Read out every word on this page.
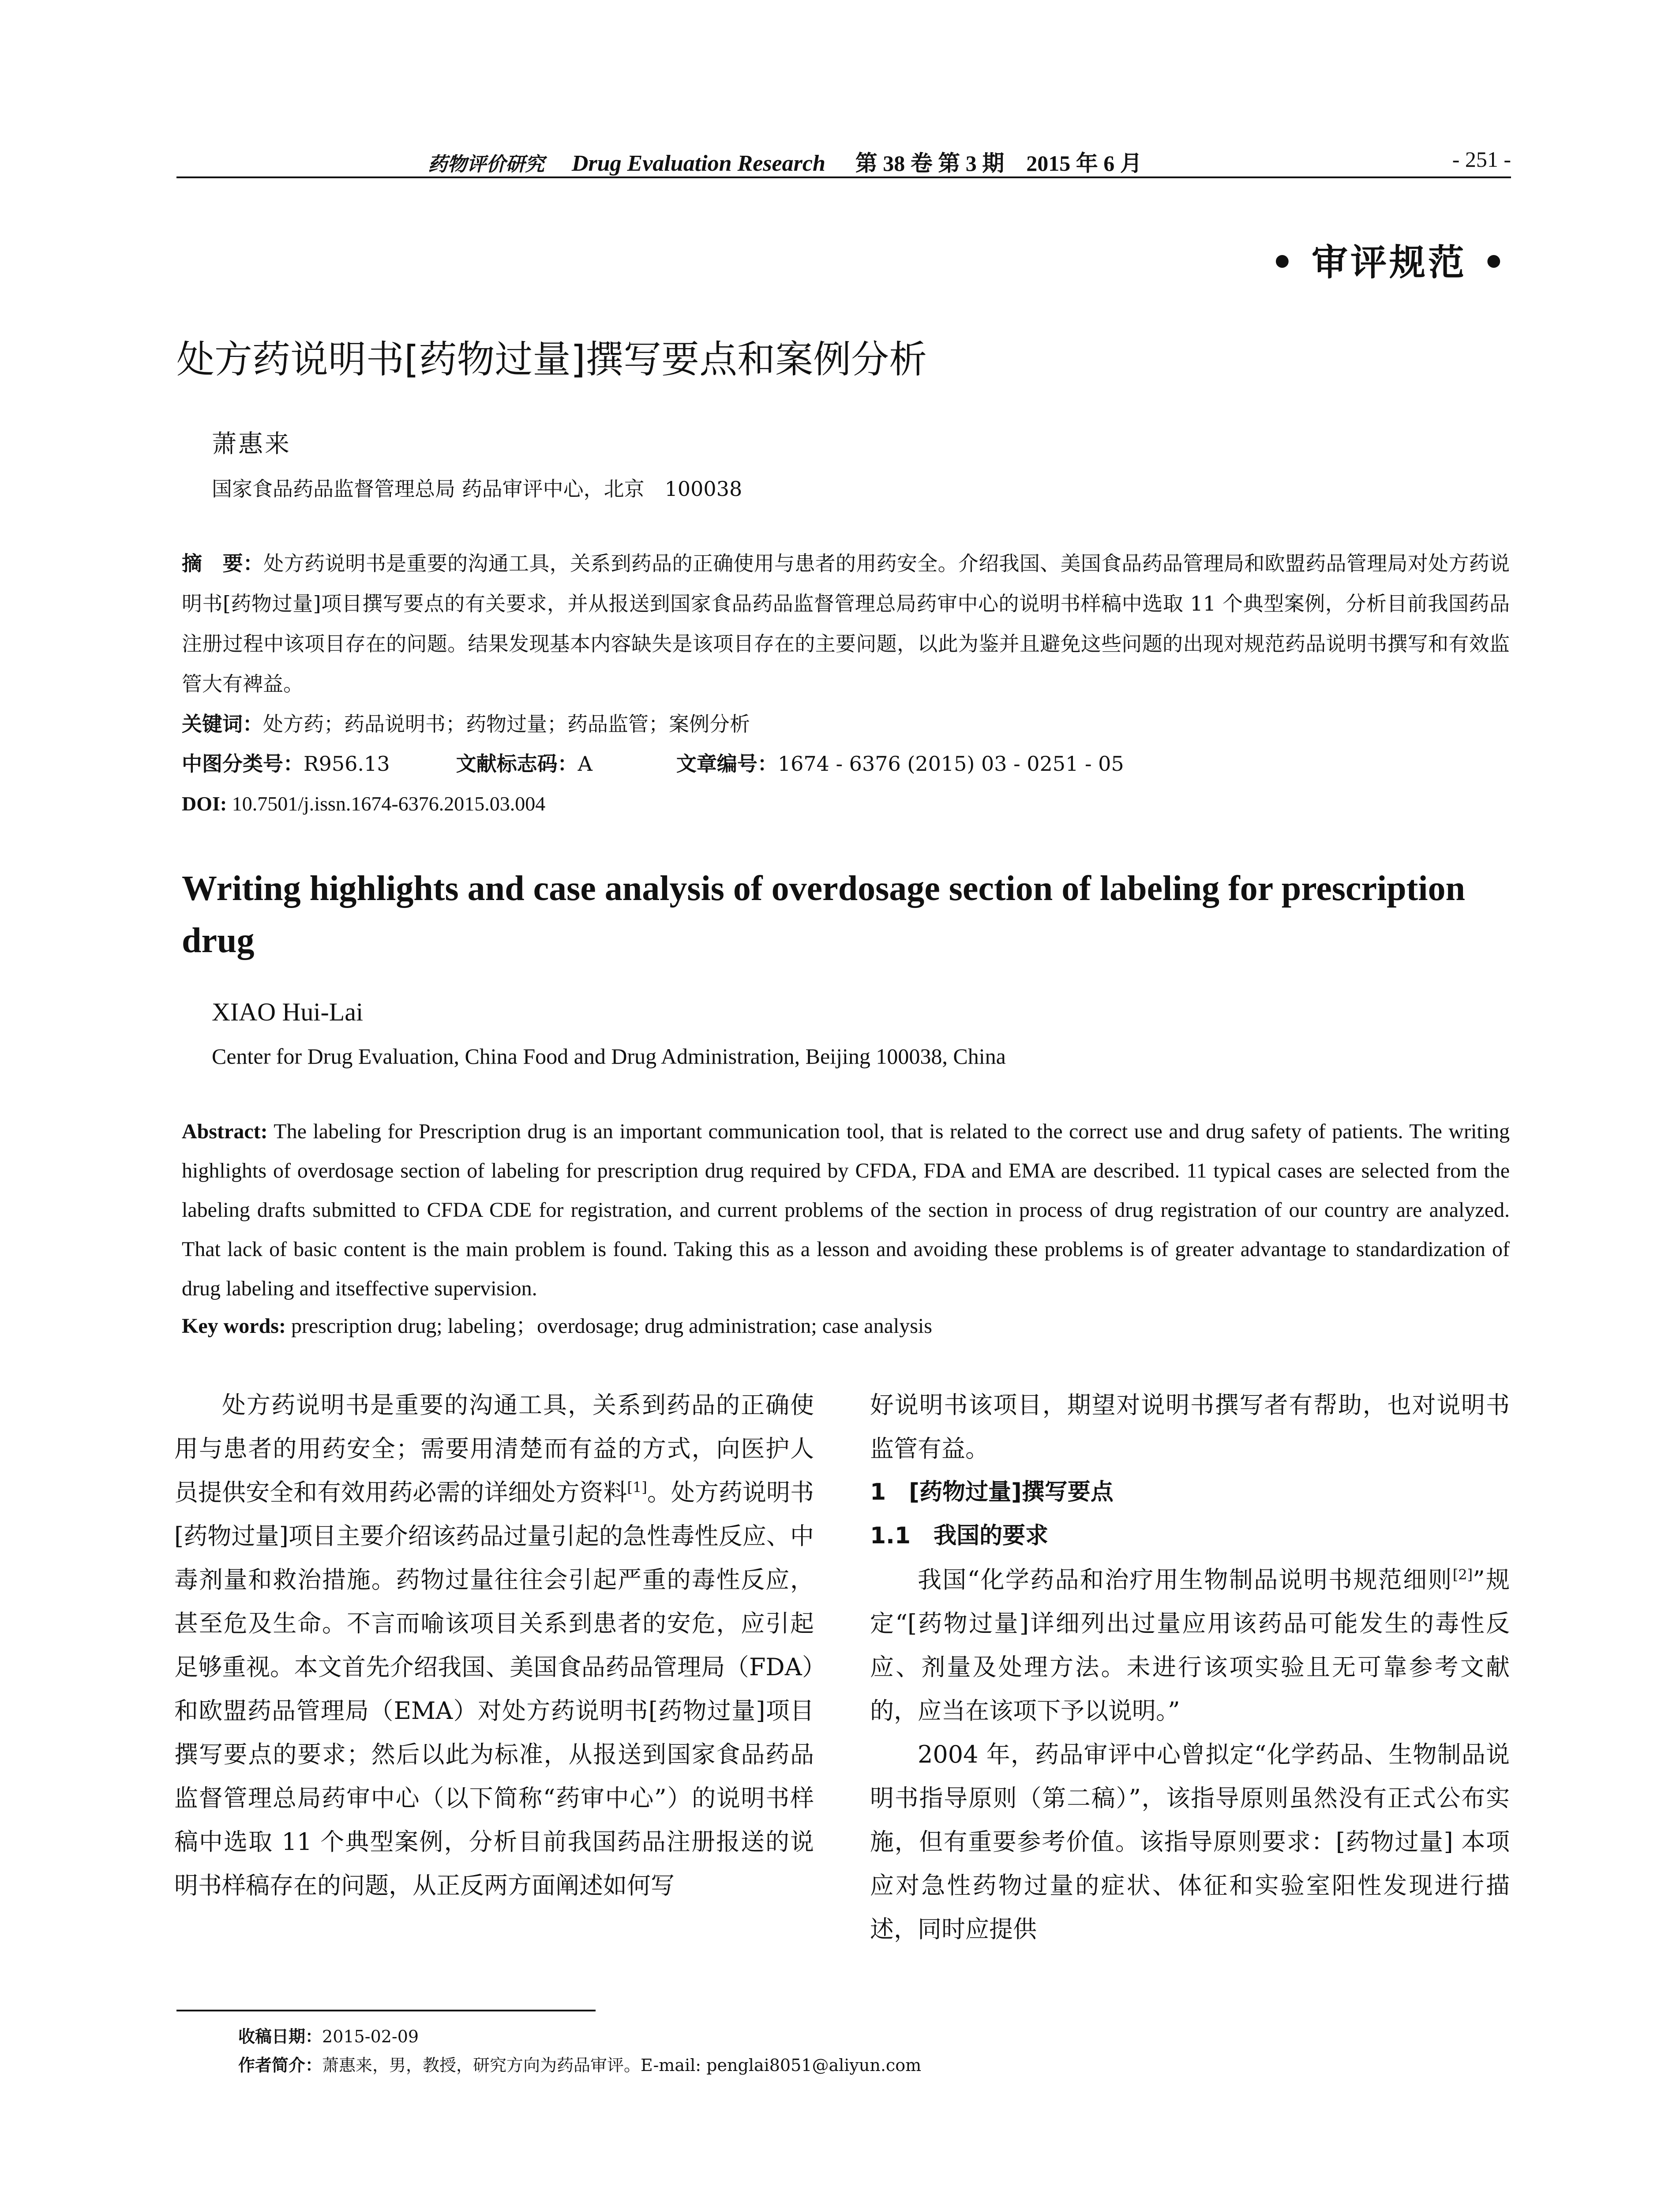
药物评价研究 Drug Evaluation Research 第 38 卷 第 3 期　2015 年 6 月	- 251 -
• 审评规范 •
处方药说明书[药物过量]撰写要点和案例分析
萧惠来
国家食品药品监督管理总局 药品审评中心，北京　100038
摘　要：处方药说明书是重要的沟通工具，关系到药品的正确使用与患者的用药安全。介绍我国、美国食品药品管理局和欧盟药品管理局对处方药说明书[药物过量]项目撰写要点的有关要求，并从报送到国家食品药品监督管理总局药审中心的说明书样稿中选取 11 个典型案例，分析目前我国药品注册过程中该项目存在的问题。结果发现基本内容缺失是该项目存在的主要问题，以此为鉴并且避免这些问题的出现对规范药品说明书撰写和有效监管大有裨益。
关键词：处方药；药品说明书；药物过量；药品监管；案例分析
中图分类号：R956.13	文献标志码：A	文章编号：1674 - 6376 (2015) 03 - 0251 - 05
DOI: 10.7501/j.issn.1674-6376.2015.03.004
Writing highlights and case analysis of overdosage section of labeling for prescription drug
XIAO Hui-Lai
Center for Drug Evaluation, China Food and Drug Administration, Beijing 100038, China
Abstract: The labeling for Prescription drug is an important communication tool, that is related to the correct use and drug safety of patients. The writing highlights of overdosage section of labeling for prescription drug required by CFDA, FDA and EMA are described. 11 typical cases are selected from the labeling drafts submitted to CFDA CDE for registration, and current problems of the section in process of drug registration of our country are analyzed. That lack of basic content is the main problem is found. Taking this as a lesson and avoiding these problems is of greater advantage to standardization of drug labeling and itseffective supervision.
Key words: prescription drug; labeling；overdosage; drug administration; case analysis

处方药说明书是重要的沟通工具，关系到药品的正确使用与患者的用药安全；需要用清楚而有益的方式，向医护人员提供安全和有效用药必需的详细处方资料[1]。处方药说明书[药物过量]项目主要介绍该药品过量引起的急性毒性反应、中毒剂量和救治措施。药物过量往往会引起严重的毒性反应，甚至危及生命。不言而喻该项目关系到患者的安危，应引起足够重视。本文首先介绍我国、美国食品药品管理局（FDA）和欧盟药品管理局（EMA）对处方药说明书[药物过量]项目撰写要点的要求；然后以此为标准，从报送到国家食品药品监督管理总局药审中心（以下简称“药审中心”）的说明书样稿中选取 11 个典型案例，分析目前我国药品注册报送的说明书样稿存在的问题，从正反两方面阐述如何写

好说明书该项目，期望对说明书撰写者有帮助，也对说明书监管有益。

1　[药物过量]撰写要点
1.1　我国的要求

我国“化学药品和治疗用生物制品说明书规范细则[2]”规定“[药物过量]详细列出过量应用该药品可能发生的毒性反应、剂量及处理方法。未进行该项实验且无可靠参考文献的，应当在该项下予以说明。”

2004 年，药品审评中心曾拟定“化学药品、生物制品说明书指导原则（第二稿）”，该指导原则虽然没有正式公布实施，但有重要参考价值。该指导原则要求：[药物过量] 本项应对急性药物过量的症状、体征和实验室阳性发现进行描述，同时应提供

收稿日期：2015-02-09
作者简介：萧惠来，男，教授，研究方向为药品审评。E-mail: penglai8051@aliyun.com
